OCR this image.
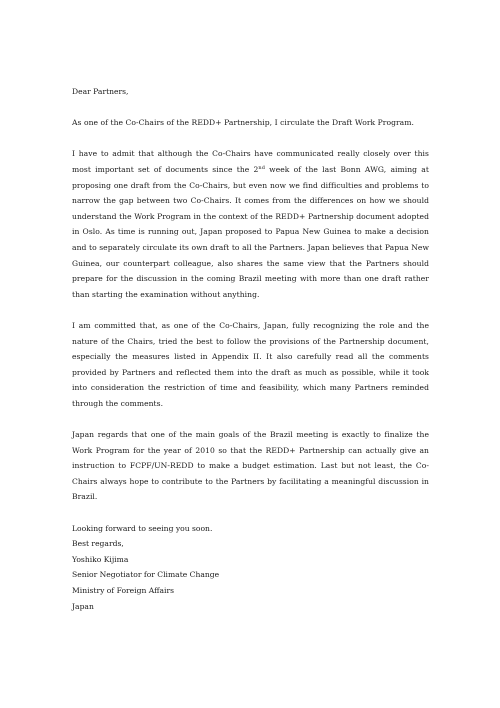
Dear Partners,

As one of the Co-Chairs of the REDD+ Partnership, I circulate the Draft Work Program.

I have to admit that although the Co-Chairs have communicated really closely over this most important set of documents since the 2nd week of the last Bonn AWG, aiming at proposing one draft from the Co-Chairs, but even now we find difficulties and problems to narrow the gap between two Co-Chairs. It comes from the differences on how we should understand the Work Program in the context of the REDD+ Partnership document adopted in Oslo. As time is running out, Japan proposed to Papua New Guinea to make a decision and to separately circulate its own draft to all the Partners. Japan believes that Papua New Guinea, our counterpart colleague, also shares the same view that the Partners should prepare for the discussion in the coming Brazil meeting with more than one draft rather than starting the examination without anything.

I am committed that, as one of the Co-Chairs, Japan, fully recognizing the role and the nature of the Chairs, tried the best to follow the provisions of the Partnership document, especially the measures listed in Appendix II. It also carefully read all the comments provided by Partners and reflected them into the draft as much as possible, while it took into consideration the restriction of time and feasibility, which many Partners reminded through the comments.

Japan regards that one of the main goals of the Brazil meeting is exactly to finalize the Work Program for the year of 2010 so that the REDD+ Partnership can actually give an instruction to FCPF/UN-REDD to make a budget estimation. Last but not least, the Co-Chairs always hope to contribute to the Partners by facilitating a meaningful discussion in Brazil.

Looking forward to seeing you soon.
Best regards,
Yoshiko Kijima
Senior Negotiator for Climate Change
Ministry of Foreign Affairs
Japan
